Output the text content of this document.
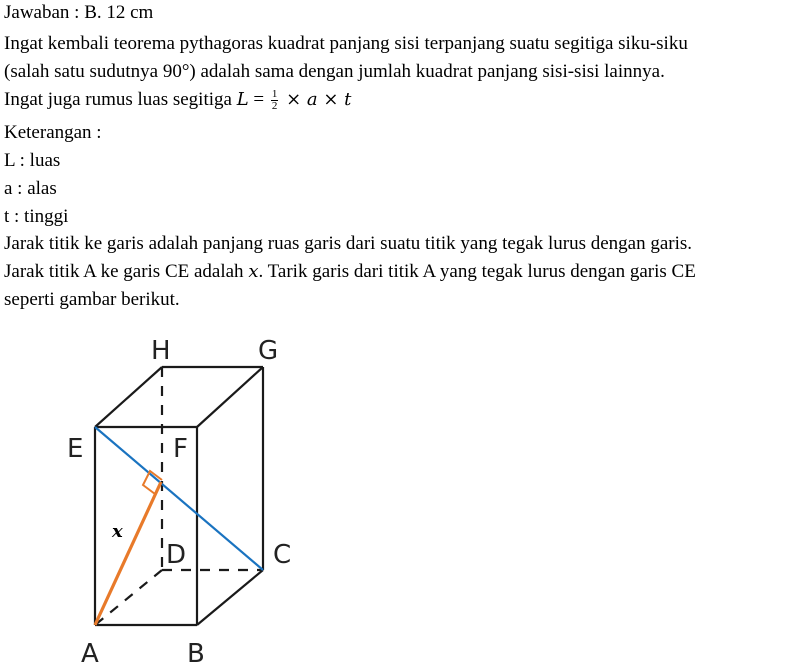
Jawaban : B. 12 cm
Ingat kembali teorema pythagoras kuadrat panjang sisi terpanjang suatu segitiga siku-siku
(salah satu sudutnya 90°) adalah sama dengan jumlah kuadrat panjang sisi-sisi lainnya.
Ingat juga rumus luas segitiga $L = \frac{1}{2} \times a \times t$
Keterangan :
L : luas
a : alas
t : tinggi
Jarak titik ke garis adalah panjang ruas garis dari suatu titik yang tegak lurus dengan garis.
Jarak titik A ke garis CE adalah x. Tarik garis dari titik A yang tegak lurus dengan garis CE
seperti gambar berikut.
H	G
E	F
D	C
A	B
x
